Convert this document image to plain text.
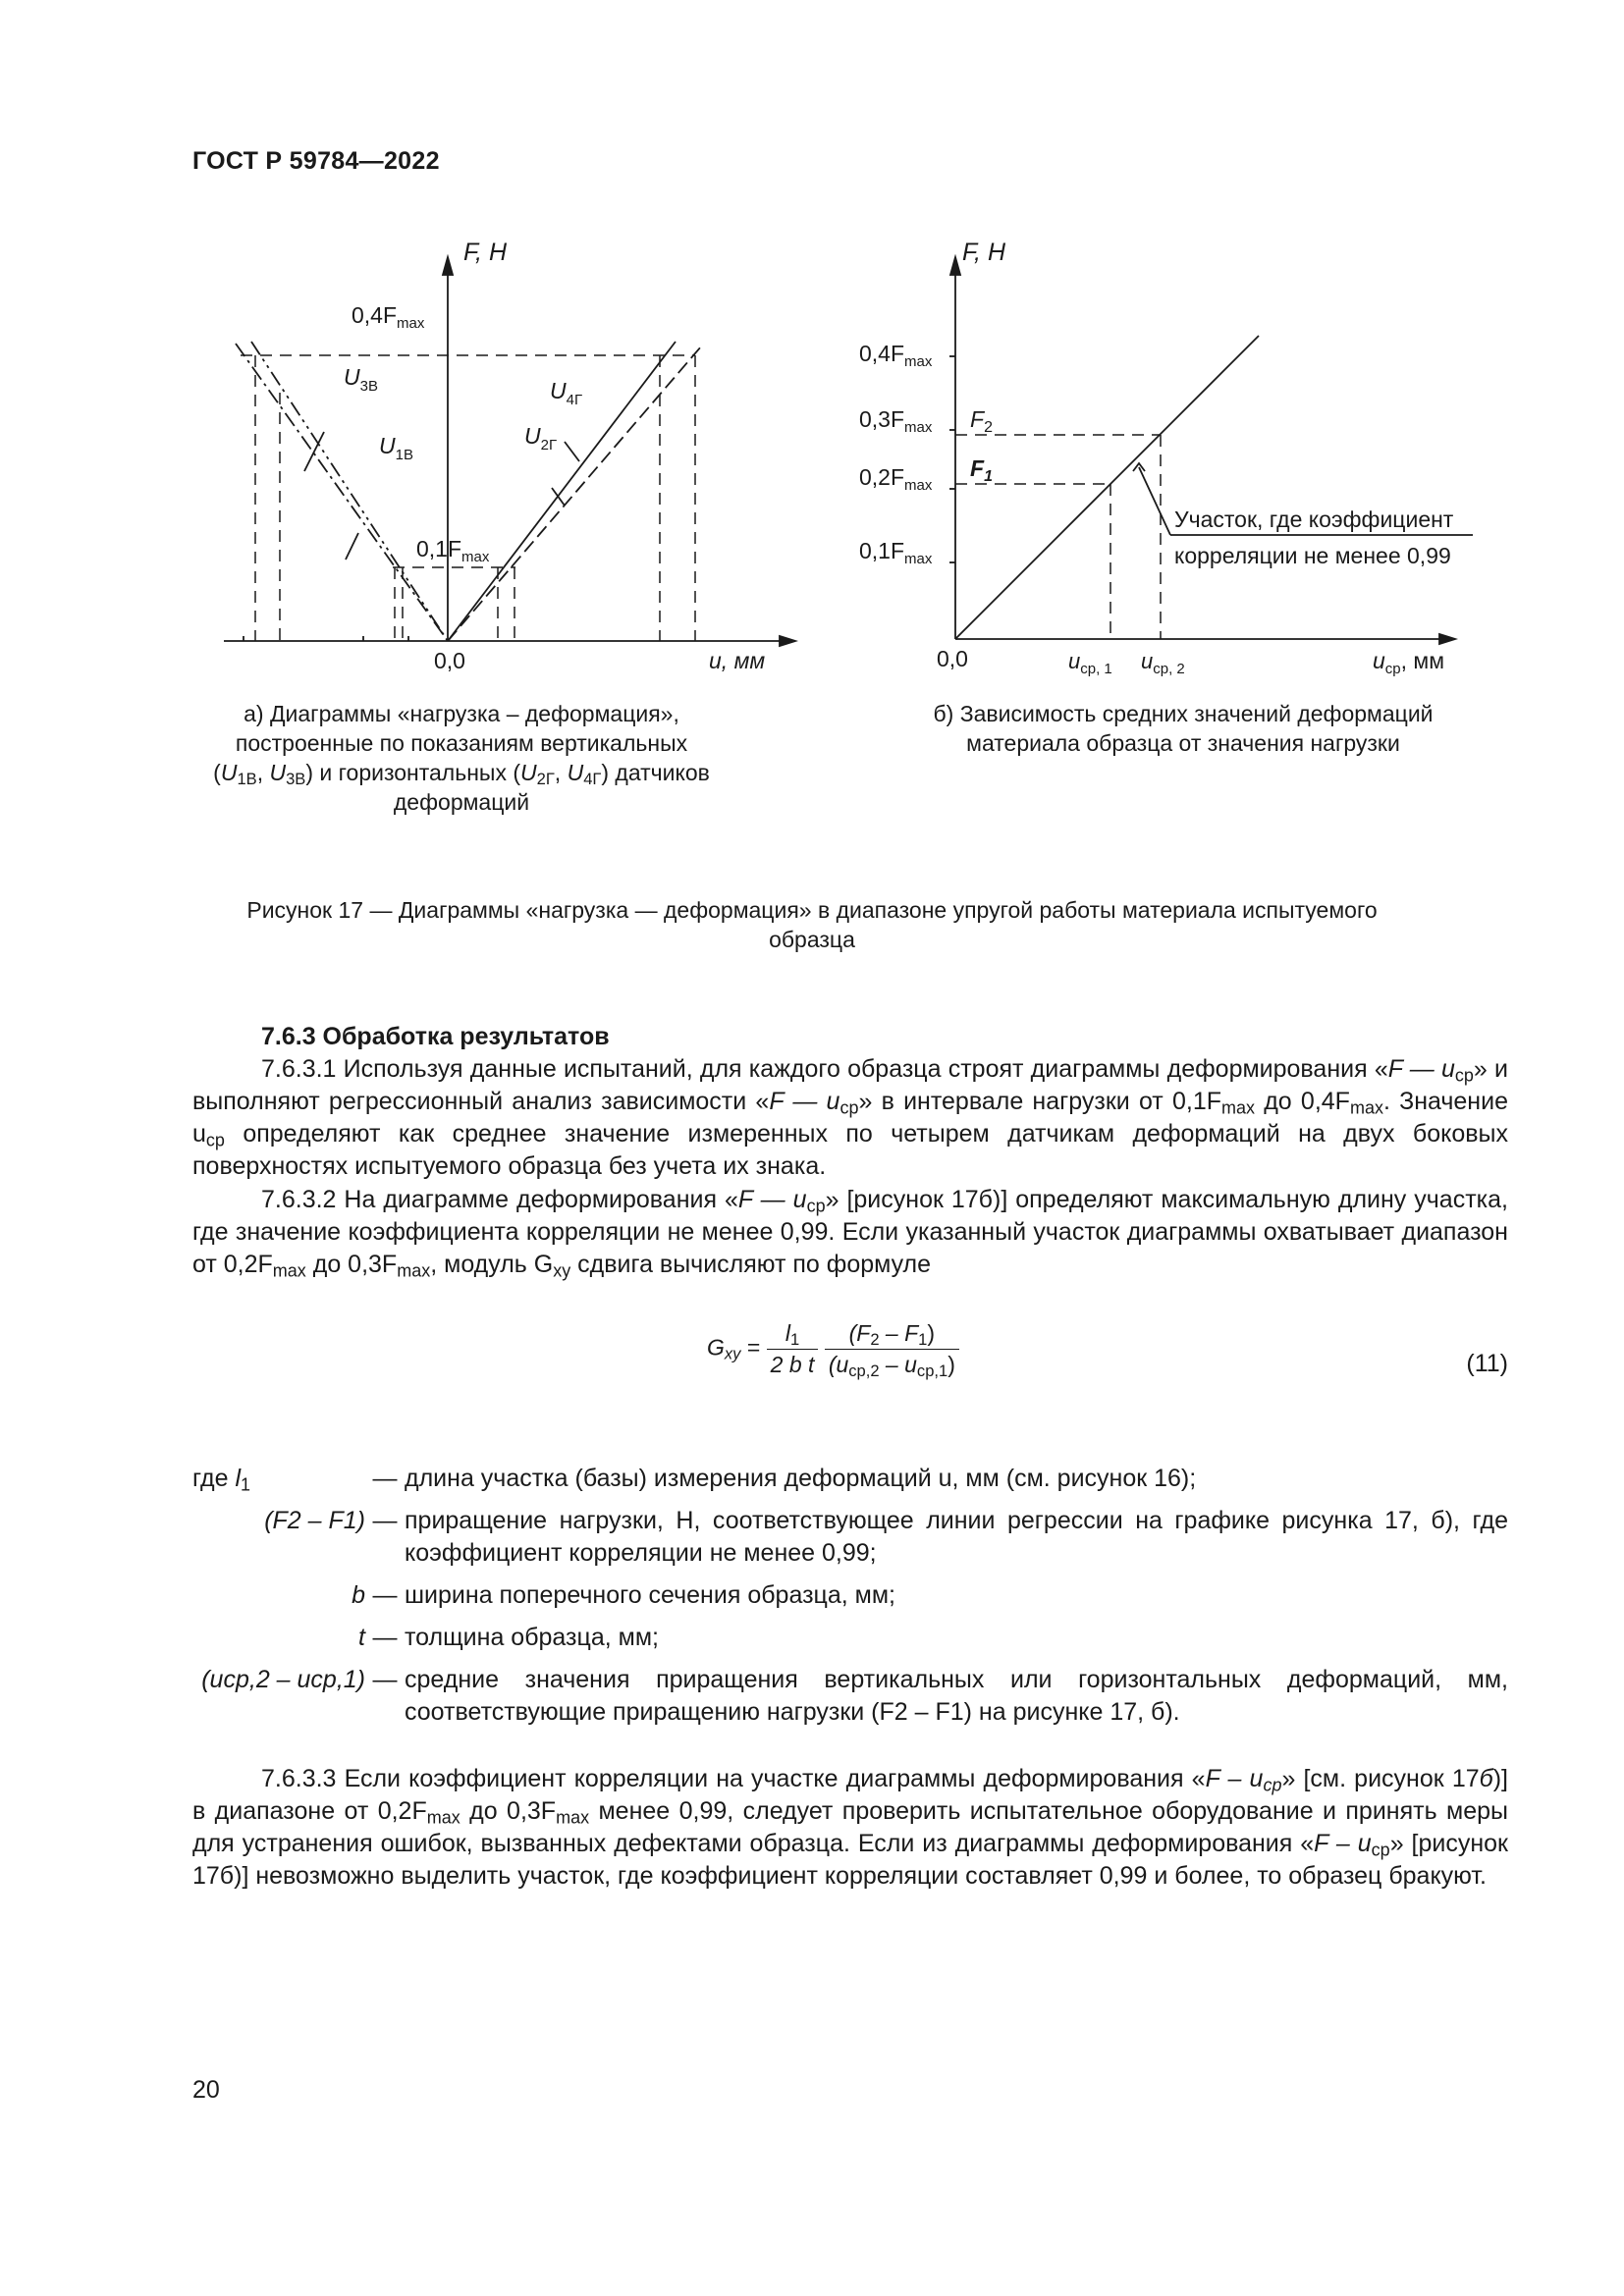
ГОСТ Р 59784—2022
F, Н
$0,4F_{max}$
$0,1F_{max}$
$U_{3В}$
$U_{1В}$
$U_{4Г}$
$U_{2Г}$
0,0	u, мм
а) Диаграммы «нагрузка – деформация»,
построенные по показаниям вертикальных
($U_{1В}$, $U_{3В}$) и горизонтальных ($U_{2Г}$, $U_{4Г}$) датчиков
деформаций
F, Н
$0,4F_{max}$
$0,3F_{max}$
$0,2F_{max}$
$0,1F_{max}$
$F_2$
$F_1$
Участок, где коэффициент
корреляции не менее 0,99
0,0	$u_{ср, 1}$ $u_{ср, 2}$	$u_{ср}$, мм
б) Зависимость средних значений деформаций
материала образца от значения нагрузки
Рисунок 17 — Диаграммы «нагрузка — деформация» в диапазоне упругой работы материала испытуемого
образца
7.6.3 Обработка результатов
7.6.3.1 Используя данные испытаний, для каждого образца строят диаграммы деформирования «F — $u_{ср}$» и выполняют регрессионный анализ зависимости «F — $u_{ср}$» в интервале нагрузки от $0,1F_{max}$ до $0,4F_{max}$. Значение $u_{ср}$ определяют как среднее значение измеренных по четырем датчикам деформаций на двух боковых поверхностях испытуемого образца без учета их знака.
7.6.3.2 На диаграмме деформирования «F — $u_{ср}$» [рисунок 17б)] определяют максимальную длину участка, где значение коэффициента корреляции не менее 0,99. Если указанный участок диаграммы охватывает диапазон от $0,2F_{max}$ до $0,3F_{max}$, модуль $G_{xy}$ сдвига вычисляют по формуле
$G_{xy} = \frac{l_1}{\text{2 b t}}$
$\frac{(F_2 - F_1)}{(u_{ср,2} - u_{ср,1})}$	(11)
где $l_1$	— длина участка (базы) измерения деформаций u, мм (см. рисунок 16);
(F2 – F1) — приращение нагрузки, Н, соответствующее линии регрессии на графике рисунка 17, б), где коэффициент корреляции не менее 0,99;
b — ширина поперечного сечения образца, мм;
t — толщина образца, мм;
(ucp,2 – ucp,1) — средние значения приращения вертикальных или горизонтальных деформаций, мм, соответствующие приращению нагрузки (F2 – F1) на рисунке 17, б).
7.6.3.3 Если коэффициент корреляции на участке диаграммы деформирования «F – $u_{cp}$» [см. рисунок 17б)] в диапазоне от $0,2F_{max}$ до $0,3F_{max}$ менее 0,99, следует проверить испытательное оборудование и принять меры для устранения ошибок, вызванных дефектами образца. Если из диаграммы деформирования «F – $u_{cp}$» [рисунок 17б)] невозможно выделить участок, где коэффициент корреляции составляет 0,99 и более, то образец бракуют.
20
